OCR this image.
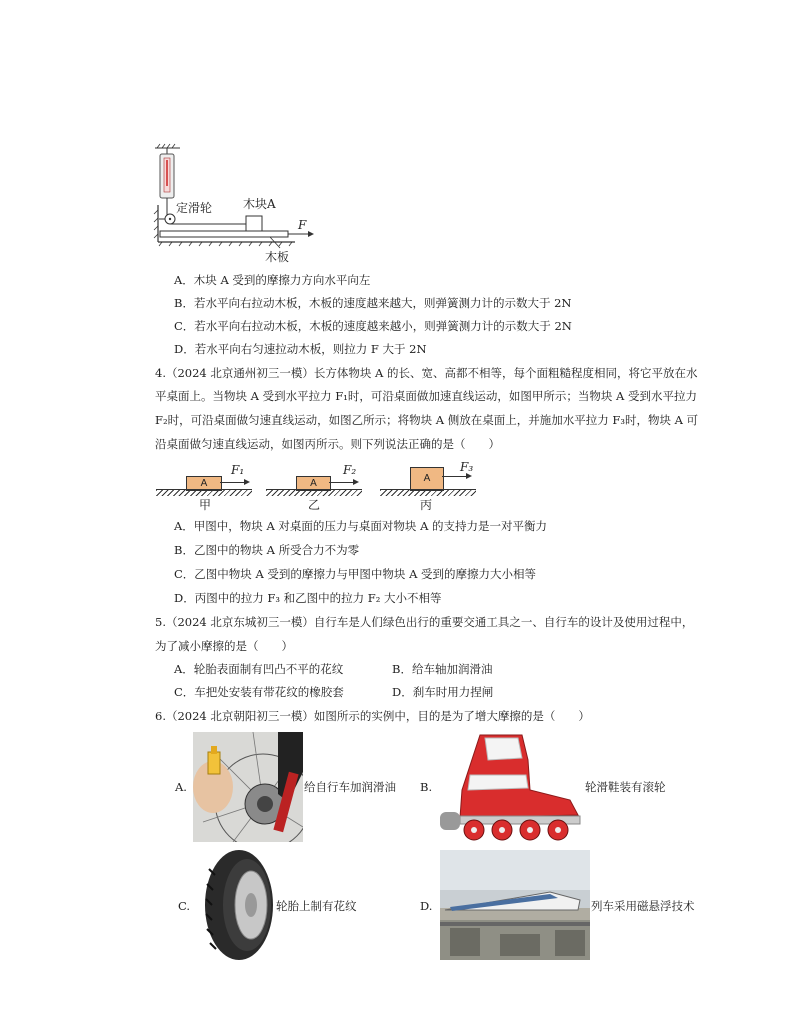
定滑轮	木块A
F
木板
A．木块 A 受到的摩擦力方向水平向左
B．若水平向右拉动木板，木板的速度越来越大，则弹簧测力计的示数大于 2N
C．若水平向右拉动木板，木板的速度越来越小，则弹簧测力计的示数大于 2N
D．若水平向右匀速拉动木板，则拉力 F 大于 2N
4.（2024 北京通州初三一模）长方体物块 A 的长、宽、高都不相等，每个面粗糙程度相同，将它平放在水
平桌面上。当物块 A 受到水平拉力 F₁时，可沿桌面做加速直线运动，如图甲所示；当物块 A 受到水平拉力
F₂时，可沿桌面做匀速直线运动，如图乙所示；将物块 A 侧放在桌面上，并施加水平拉力 F₃时，物块 A 可
沿桌面做匀速直线运动，如图丙所示。则下列说法正确的是（　　）
A
F₁
甲
A
F₂
乙
A
F₃
丙
A．甲图中，物块 A 对桌面的压力与桌面对物块 A 的支持力是一对平衡力
B．乙图中的物块 A 所受合力不为零
C．乙图中物块 A 受到的摩擦力与甲图中物块 A 受到的摩擦力大小相等
D．丙图中的拉力 F₃ 和乙图中的拉力 F₂ 大小不相等
5.（2024 北京东城初三一模）自行车是人们绿色出行的重要交通工具之一、自行车的设计及使用过程中，
为了减小摩擦的是（　　）
A．轮胎表面制有凹凸不平的花纹	B．给车轴加润滑油
C．车把处安装有带花纹的橡胶套	D．刹车时用力捏闸
6.（2024 北京朝阳初三一模）如图所示的实例中，目的是为了增大摩擦的是（　　）
A.	给自行车加润滑油 B.	轮滑鞋装有滚轮
C.	轮胎上制有花纹	D.	列车采用磁悬浮技术
